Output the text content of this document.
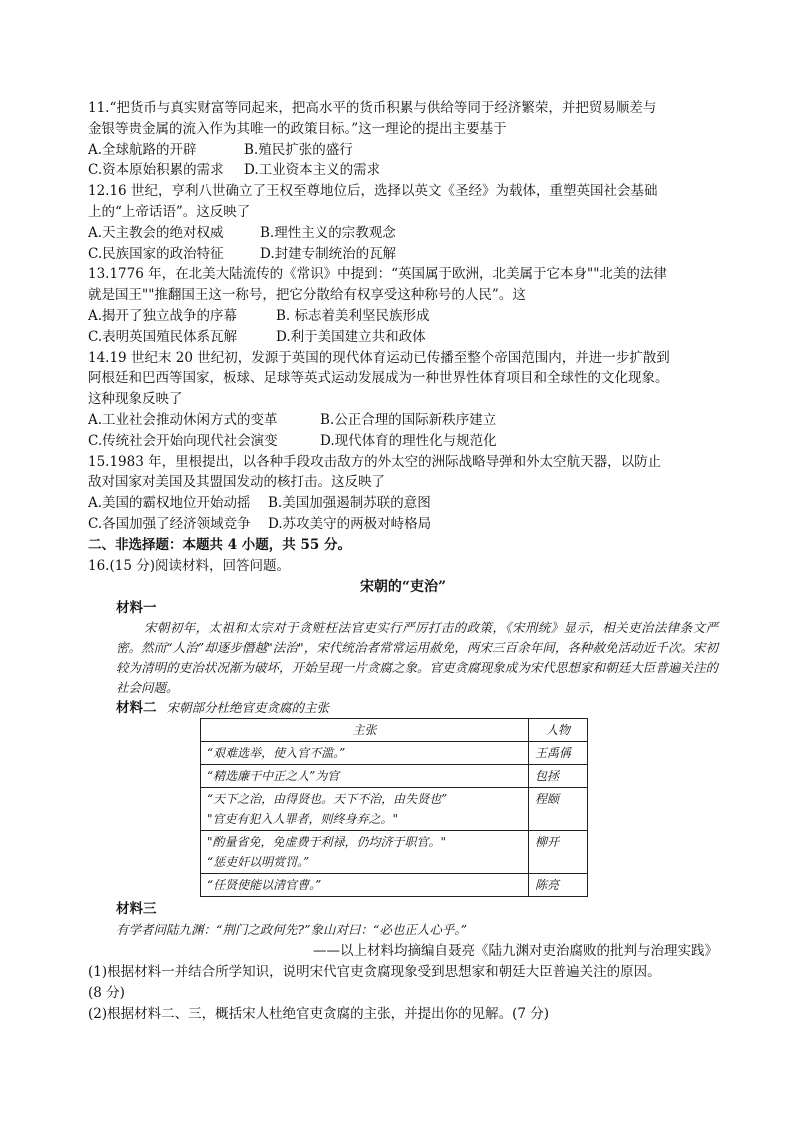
11.“把货币与真实财富等同起来，把高水平的货币积累与供给等同于经济繁荣，并把贸易顺差与
金银等贵金属的流入作为其唯一的政策目标。”这一理论的提出主要基于
A.全球航路的开辟	B.殖民扩张的盛行
C.资本原始积累的需求	D.工业资本主义的需求
12.16 世纪，亨利八世确立了王权至尊地位后，选择以英文《圣经》为载体，重塑英国社会基础
上的“上帝话语”。这反映了
A.天主教会的绝对权威	B.理性主义的宗教观念
C.民族国家的政治特征	D.封建专制统治的瓦解
13.1776 年，在北美大陆流传的《常识》中提到：“英国属于欧洲，北美属于它本身""北美的法律
就是国王""推翻国王这一称号，把它分散给有权享受这种称号的人民”。这
A.揭开了独立战争的序幕	B. 标志着美利坚民族形成
C.表明英国殖民体系瓦解	D.利于美国建立共和政体
14.19 世纪末 20 世纪初，发源于英国的现代体育运动已传播至整个帝国范围内，并进一步扩散到
阿根廷和巴西等国家，板球、足球等英式运动发展成为一种世界性体育项目和全球性的文化现象。
这种现象反映了
A.工业社会推动休闲方式的变革	B.公正合理的国际新秩序建立
C.传统社会开始向现代社会演变	D.现代体育的理性化与规范化
15.1983 年，里根提出，以各种手段攻击敌方的外太空的洲际战略导弹和外太空航天器，以防止
敌对国家对美国及其盟国发动的核打击。这反映了
A.美国的霸权地位开始动摇	B.美国加强遏制苏联的意图
C.各国加强了经济领域竞争	D.苏攻美守的两极对峙格局
二、非选择题：本题共 4 小题，共 55 分。
16.(15 分)阅读材料，回答问题。
宋朝的“吏治”
材料一
宋朝初年，太祖和太宗对于贪赃枉法官吏实行严厉打击的政策，《宋刑统》显示，相关吏治法律条文严密。然而“人治”却逐步僭越"法治"，宋代统治者常常运用赦免，两宋三百余年间，各种赦免活动近千次。宋初较为清明的吏治状况渐为破坏，开始呈现一片贪腐之象。官吏贪腐现象成为宋代思想家和朝廷大臣普遍关注的社会问题。
材料二 宋朝部分杜绝官吏贪腐的主张
主张	人物

“艰难选举，使入官不滥。”	王禹偁

“精选廉干中正之人”为官	包拯

“天下之治，由得贤也。天下不治，由失贤也”
"官吏有犯入人罪者，则终身弃之。"	程颐

"酌量省免，免虚费于利禄，仍均济于职官。"
“惩吏奸以明赏罚。”	柳开

“任贤使能以清官曹。”	陈亮
材料三
有学者问陆九渊：“荆门之政何先?”象山对曰：“必也正人心乎。”
——以上材料均摘编自聂亮《陆九渊对吏治腐败的批判与治理实践》
(1)根据材料一并结合所学知识，说明宋代官吏贪腐现象受到思想家和朝廷大臣普遍关注的原因。
(8 分)
(2)根据材料二、三，概括宋人杜绝官吏贪腐的主张，并提出你的见解。(7 分)
